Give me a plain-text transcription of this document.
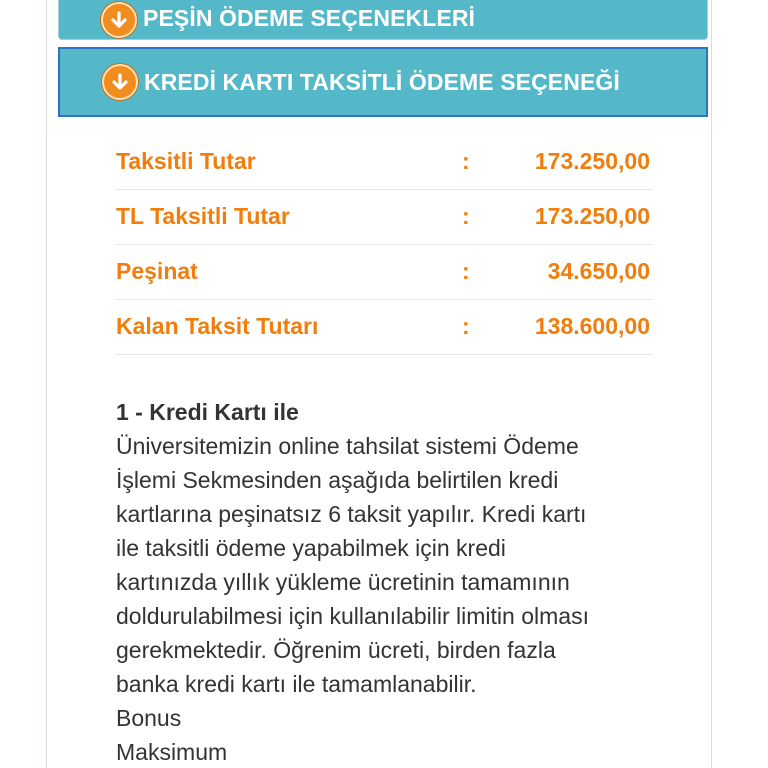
PEŞİN ÖDEME SEÇENEKLERİ
KREDİ KARTI TAKSİTLİ ÖDEME SEÇENEĞİ
Taksitli Tutar	:	173.250,00
TL Taksitli Tutar	:	173.250,00
Peşinat	:	34.650,00
Kalan Taksit Tutarı	:	138.600,00
1 - Kredi Kartı ile
Üniversitemizin online tahsilat sistemi Ödeme
İşlemi Sekmesinden aşağıda belirtilen kredi
kartlarına peşinatsız 6 taksit yapılır. Kredi kartı
ile taksitli ödeme yapabilmek için kredi
kartınızda yıllık yükleme ücretinin tamamının
doldurulabilmesi için kullanılabilir limitin olması
gerekmektedir. Öğrenim ücreti, birden fazla
banka kredi kartı ile tamamlanabilir.
Bonus
Maksimum
